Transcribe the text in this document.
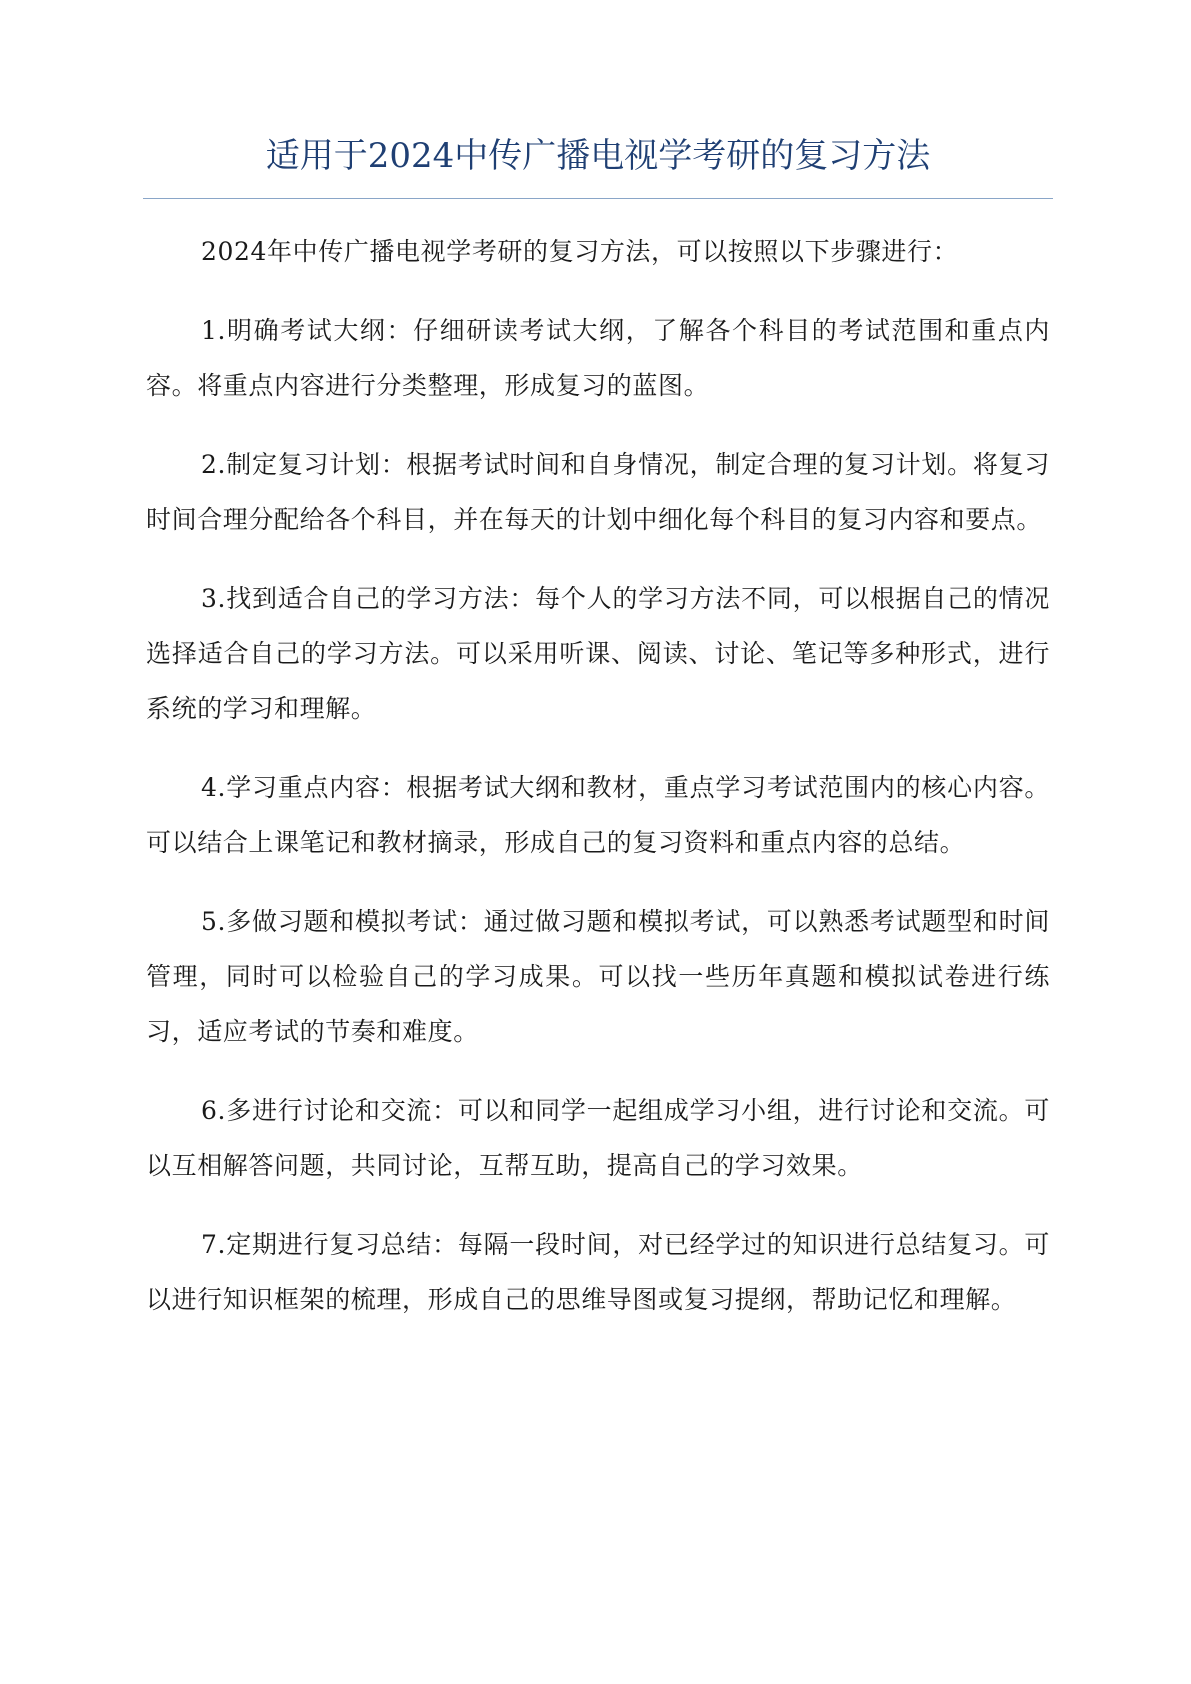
适用于2024中传广播电视学考研的复习方法

2024年中传广播电视学考研的复习方法，可以按照以下步骤进行：

1.明确考试大纲：仔细研读考试大纲，了解各个科目的考试范围和重点内容。将重点内容进行分类整理，形成复习的蓝图。

2.制定复习计划：根据考试时间和自身情况，制定合理的复习计划。将复习时间合理分配给各个科目，并在每天的计划中细化每个科目的复习内容和要点。

3.找到适合自己的学习方法：每个人的学习方法不同，可以根据自己的情况选择适合自己的学习方法。可以采用听课、阅读、讨论、笔记等多种形式，进行系统的学习和理解。

4.学习重点内容：根据考试大纲和教材，重点学习考试范围内的核心内容。可以结合上课笔记和教材摘录，形成自己的复习资料和重点内容的总结。

5.多做习题和模拟考试：通过做习题和模拟考试，可以熟悉考试题型和时间管理，同时可以检验自己的学习成果。可以找一些历年真题和模拟试卷进行练习，适应考试的节奏和难度。

6.多进行讨论和交流：可以和同学一起组成学习小组，进行讨论和交流。可以互相解答问题，共同讨论，互帮互助，提高自己的学习效果。

7.定期进行复习总结：每隔一段时间，对已经学过的知识进行总结复习。可以进行知识框架的梳理，形成自己的思维导图或复习提纲，帮助记忆和理解。
